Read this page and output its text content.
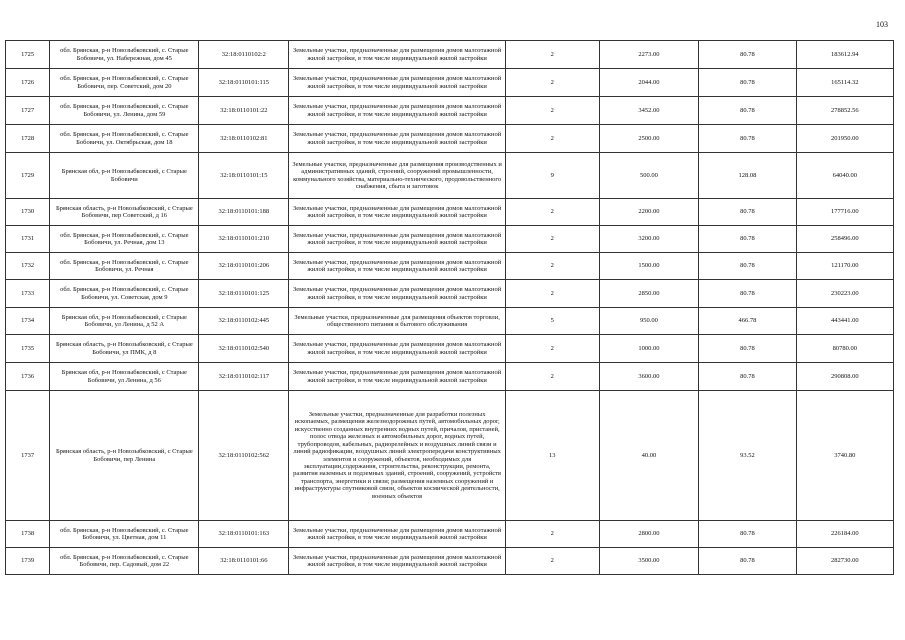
103
1725	обл. Брянская, р-н Новозыбковский, с. Старые Бобовичи, ул. Набережная, дом 45	32:18:0110102:2	Земельные участки, предназначенные для размещения домов малоэтажной жилой застройки, в том числе индивидуальной жилой застройки	2	2273.00	80.78	183612.94
1726	обл. Брянская, р-н Новозыбковский, с. Старые Бобовичи, пер. Советский, дом 20	32:18:0110101:115	Земельные участки, предназначенные для размещения домов малоэтажной жилой застройки, в том числе индивидуальной жилой застройки	2	2044.00	80.78	165114.32
1727	обл. Брянская, р-н Новозыбковский, с. Старые Бобовичи, ул. Ленина, дом 59	32:18:0110101:22	Земельные участки, предназначенные для размещения домов малоэтажной жилой застройки, в том числе индивидуальной жилой застройки	2	3452.00	80.78	278852.56
1728	обл. Брянская, р-н Новозыбковский, с. Старые Бобовичи, ул. Октябрьская, дом 18	32:18:0110102:81	Земельные участки, предназначенные для размещения домов малоэтажной жилой застройки, в том числе индивидуальной жилой застройки	2	2500.00	80.78	201950.00
1729	Брянская обл, р-н Новозыбковский, с Старые Бобовичи	32:18:0110101:15	Земельные участки, предназначенные для размещения производственных и административных зданий, строений, сооружений промышленности, коммунального хозяйства, материально-технического, продовольственного снабжения, сбыта и заготовок	9	500.00	128.08	64040.00
1730	Брянская область, р-н Новозыбковский, с Старые Бобовичи, пер Советский, д 16	32:18:0110101:188	Земельные участки, предназначенные для размещения домов малоэтажной жилой застройки, в том числе индивидуальной жилой застройки	2	2200.00	80.78	177716.00
1731	обл. Брянская, р-н Новозыбковский, с. Старые Бобовичи, ул. Речная, дом 13	32:18:0110101:210	Земельные участки, предназначенные для размещения домов малоэтажной жилой застройки, в том числе индивидуальной жилой застройки	2	3200.00	80.78	258496.00
1732	обл. Брянская, р-н Новозыбковский, с. Старые Бобовичи, ул. Речная	32:18:0110101:206	Земельные участки, предназначенные для размещения домов малоэтажной жилой застройки, в том числе индивидуальной жилой застройки	2	1500.00	80.78	121170.00
1733	обл. Брянская, р-н Новозыбковский, с. Старые Бобовичи, ул. Советская, дом 9	32:18:0110101:125	Земельные участки, предназначенные для размещения домов малоэтажной жилой застройки, в том числе индивидуальной жилой застройки	2	2850.00	80.78	230223.00
1734	Брянская обл, р-н Новозыбковский, с Старые Бобовичи, ул Ленина, д 52 А	32:18:0110102:445	Земельные участки, предназначенные для размещения объектов торговли, общественного питания и бытового обслуживания	5	950.00	466.78	443441.00
1735	Брянская область, р-н Новозыбковский, с Старые Бобовичи, ул ПМК, д 8	32:18:0110102:540	Земельные участки, предназначенные для размещения домов малоэтажной жилой застройки, в том числе индивидуальной жилой застройки	2	1000.00	80.78	80780.00
1736	Брянская обл, р-н Новозыбковский, с Старые Бобовичи, ул Ленина, д 56	32:18:0110102:117	Земельные участки, предназначенные для размещения домов малоэтажной жилой застройки, в том числе индивидуальной жилой застройки	2	3600.00	80.78	290808.00
1737	Брянская область, р-н Новозыбковский, с Старые Бобовичи, пер Ленина	32:18:0110102:562	Земельные участки, предназначенные для разработки полезных ископаемых, размещения железнодорожных путей, автомобильных дорог, искусственно созданных внутренних водных путей, причалов, пристаней, полос отвода железных и автомобильных дорог, водных путей, трубопроводов, кабельных, радиорелейных и воздушных линий связи и линий радиофикации, воздушных линий электропередачи конструктивных элементов и сооружений, объектов, необходимых для эксплуатации,содержания, строительства, реконструкции, ремонта, развития наземных и подземных зданий, строений, сооружений, устройств транспорта, энергетики и связи; размещения наземных сооружений и инфраструктуры спутниковой связи, объектов космической деятельности, военных объектов	13	40.00	93.52	3740.80
1738	обл. Брянская, р-н Новозыбковский, с. Старые Бобовичи, ул. Цветная, дом 11	32:18:0110101:163	Земельные участки, предназначенные для размещения домов малоэтажной жилой застройки, в том числе индивидуальной жилой застройки	2	2800.00	80.78	226184.00
1739	обл. Брянская, р-н Новозыбковский, с. Старые Бобовичи, пер. Садовый, дом 22	32:18:0110101:66	Земельные участки, предназначенные для размещения домов малоэтажной жилой застройки, в том числе индивидуальной жилой застройки	2	3500.00	80.78	282730.00
